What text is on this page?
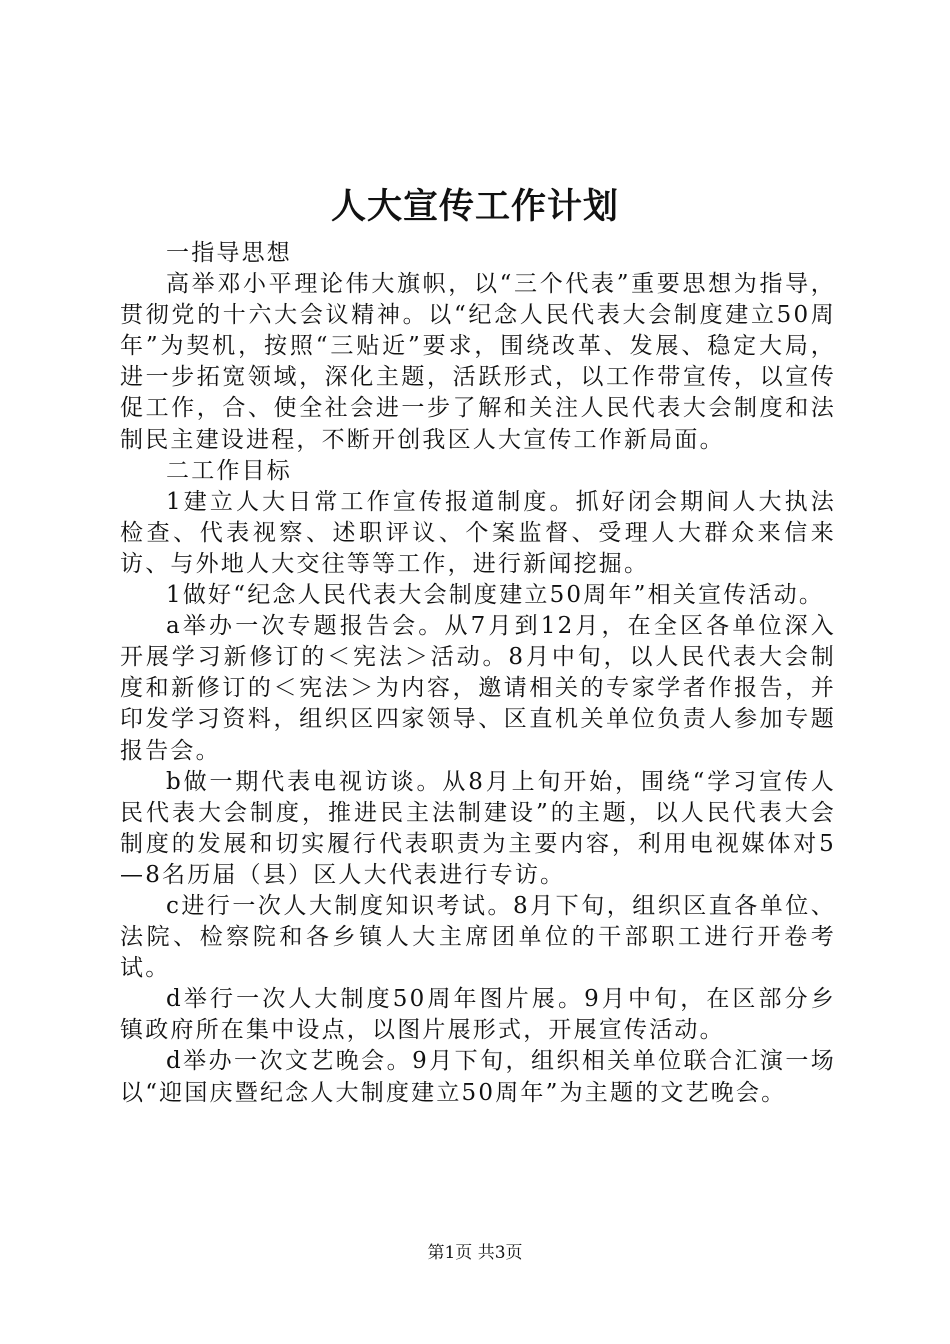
人大宣传工作计划

一指导思想

高举邓小平理论伟大旗帜，以“三个代表”重要思想为指导，贯彻党的十六大会议精神。以“纪念人民代表大会制度建立50周年”为契机，按照“三贴近”要求，围绕改革、发展、稳定大局，进一步拓宽领域，深化主题，活跃形式，以工作带宣传，以宣传促工作，合、使全社会进一步了解和关注人民代表大会制度和法制民主建设进程，不断开创我区人大宣传工作新局面。

二工作目标

1建立人大日常工作宣传报道制度。抓好闭会期间人大执法检查、代表视察、述职评议、个案监督、受理人大群众来信来访、与外地人大交往等等工作，进行新闻挖掘。

1做好“纪念人民代表大会制度建立50周年”相关宣传活动。

a举办一次专题报告会。从7月到12月，在全区各单位深入开展学习新修订的＜宪法＞活动。8月中旬，以人民代表大会制度和新修订的＜宪法＞为内容，邀请相关的专家学者作报告，并印发学习资料，组织区四家领导、区直机关单位负责人参加专题报告会。

b做一期代表电视访谈。从8月上旬开始，围绕“学习宣传人民代表大会制度，推进民主法制建设”的主题，以人民代表大会制度的发展和切实履行代表职责为主要内容，利用电视媒体对5—8名历届（县）区人大代表进行专访。

c进行一次人大制度知识考试。8月下旬，组织区直各单位、法院、检察院和各乡镇人大主席团单位的干部职工进行开卷考试。

d举行一次人大制度50周年图片展。9月中旬，在区部分乡镇政府所在集中设点，以图片展形式，开展宣传活动。

d举办一次文艺晚会。9月下旬，组织相关单位联合汇演一场以“迎国庆暨纪念人大制度建立50周年”为主题的文艺晚会。

第1页 共3页
